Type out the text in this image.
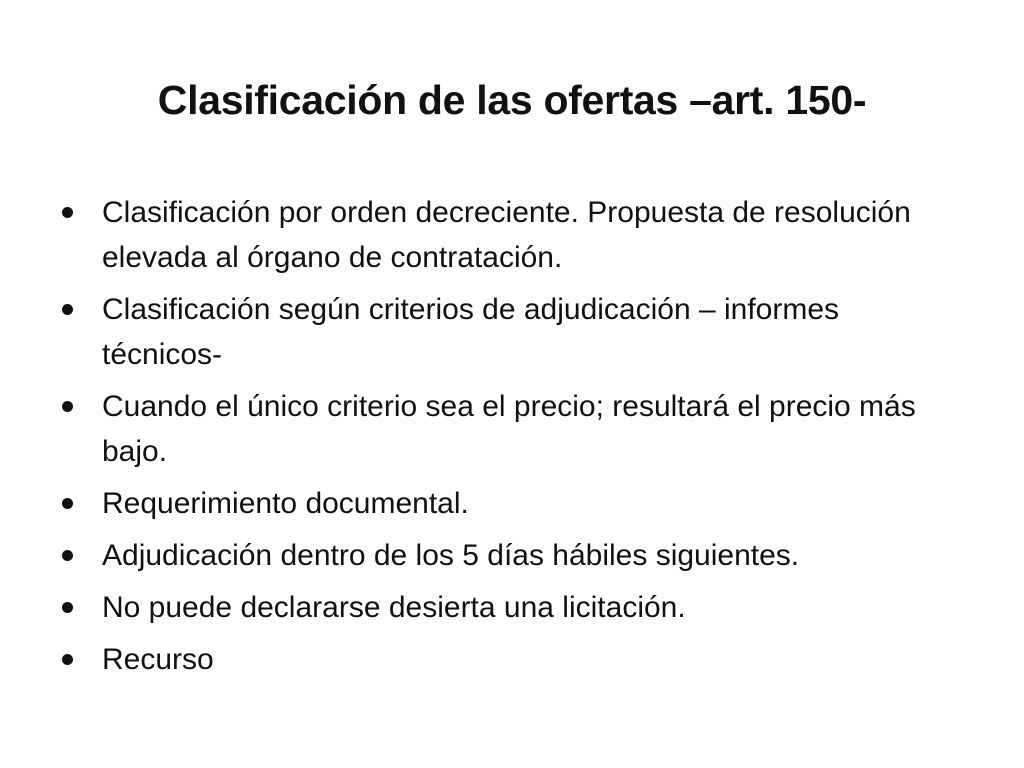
Clasificación de las ofertas –art. 150-
Clasificación por orden decreciente. Propuesta de resolución elevada al órgano de contratación.
Clasificación según criterios de adjudicación – informes técnicos-
Cuando el único criterio sea el precio; resultará el precio más bajo.
Requerimiento documental.
Adjudicación dentro de los 5 días hábiles siguientes.
No puede declararse desierta una licitación.
Recurso
